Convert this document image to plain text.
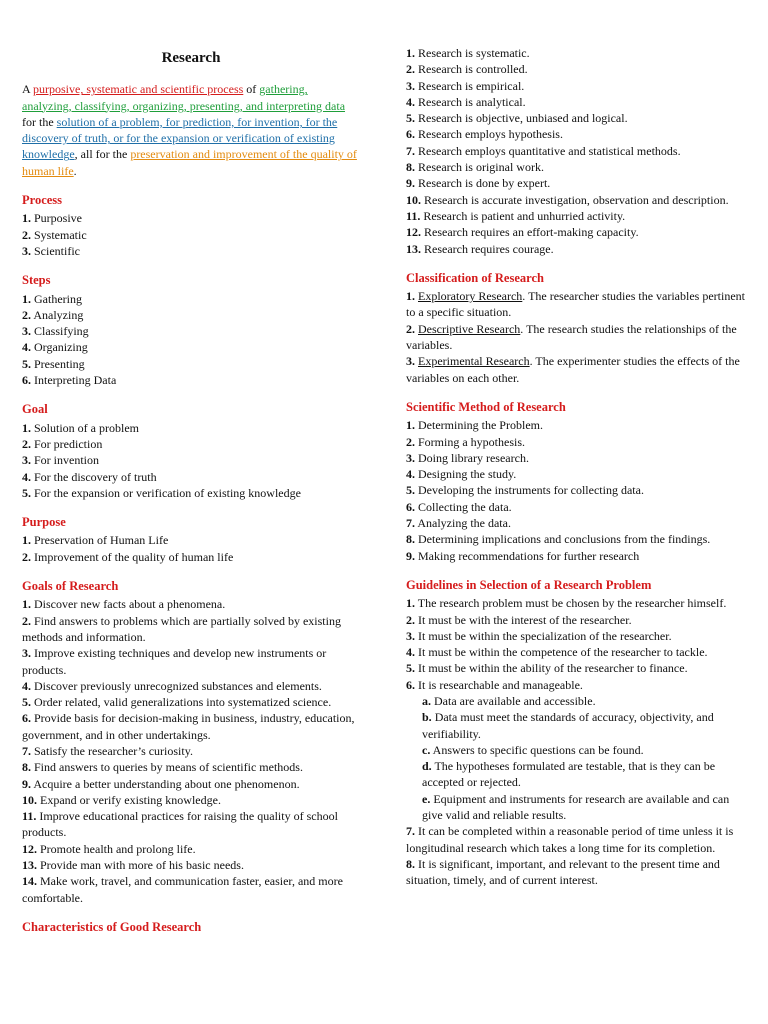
Research
A purposive, systematic and scientific process of gathering, analyzing, classifying, organizing, presenting, and interpreting data for the solution of a problem, for prediction, for invention, for the discovery of truth, or for the expansion or verification of existing knowledge, all for the preservation and improvement of the quality of human life.
Process
1. Purposive
2. Systematic
3. Scientific
Steps
1. Gathering
2. Analyzing
3. Classifying
4. Organizing
5. Presenting
6. Interpreting Data
Goal
1. Solution of a problem
2. For prediction
3. For invention
4. For the discovery of truth
5. For the expansion or verification of existing knowledge
Purpose
1. Preservation of Human Life
2. Improvement of the quality of human life
Goals of Research
1. Discover new facts about a phenomena.
2. Find answers to problems which are partially solved by existing methods and information.
3. Improve existing techniques and develop new instruments or products.
4. Discover previously unrecognized substances and elements.
5. Order related, valid generalizations into systematized science.
6. Provide basis for decision-making in business, industry, education, government, and in other undertakings.
7. Satisfy the researcher’s curiosity.
8. Find answers to queries by means of scientific methods.
9. Acquire a better understanding about one phenomenon.
10. Expand or verify existing knowledge.
11. Improve educational practices for raising the quality of school products.
12. Promote health and prolong life.
13. Provide man with more of his basic needs.
14. Make work, travel, and communication faster, easier, and more comfortable.
Characteristics of Good Research
1. Research is systematic.
2. Research is controlled.
3. Research is empirical.
4. Research is analytical.
5. Research is objective, unbiased and logical.
6. Research employs hypothesis.
7. Research employs quantitative and statistical methods.
8. Research is original work.
9. Research is done by expert.
10. Research is accurate investigation, observation and description.
11. Research is patient and unhurried activity.
12. Research requires an effort-making capacity.
13. Research requires courage.
Classification of Research
1. Exploratory Research. The researcher studies the variables pertinent to a specific situation.
2. Descriptive Research. The research studies the relationships of the variables.
3. Experimental Research. The experimenter studies the effects of the variables on each other.
Scientific Method of Research
1. Determining the Problem.
2. Forming a hypothesis.
3. Doing library research.
4. Designing the study.
5. Developing the instruments for collecting data.
6. Collecting the data.
7. Analyzing the data.
8. Determining implications and conclusions from the findings.
9. Making recommendations for further research
Guidelines in Selection of a Research Problem
1. The research problem must be chosen by the researcher himself.
2. It must be with the interest of the researcher.
3. It must be within the specialization of the researcher.
4. It must be within the competence of the researcher to tackle.
5. It must be within the ability of the researcher to finance.
6. It is researchable and manageable.
a. Data are available and accessible.
b. Data must meet the standards of accuracy, objectivity, and verifiability.
c. Answers to specific questions can be found.
d. The hypotheses formulated are testable, that is they can be accepted or rejected.
e. Equipment and instruments for research are available and can give valid and reliable results.
7. It can be completed within a reasonable period of time unless it is longitudinal research which takes a long time for its completion.
8. It is significant, important, and relevant to the present time and situation, timely, and of current interest.
